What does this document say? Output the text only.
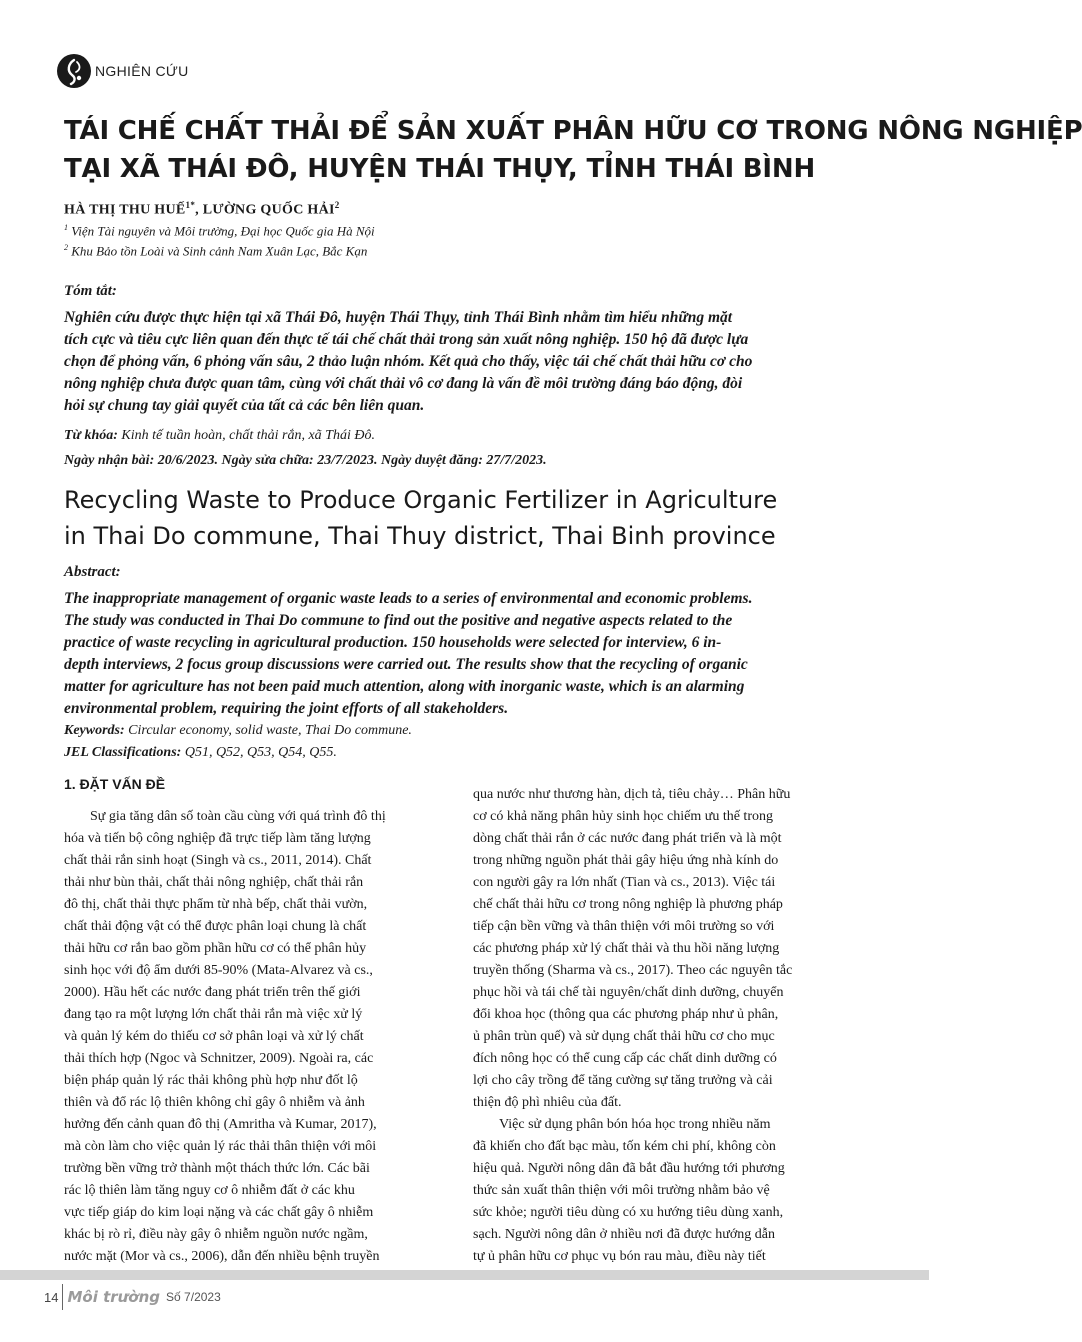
NGHIÊN CỨU
TÁI CHẾ CHẤT THẢI ĐỂ SẢN XUẤT PHÂN HỮU CƠ TRONG NÔNG NGHIỆP
TẠI XÃ THÁI ĐÔ, HUYỆN THÁI THỤY, TỈNH THÁI BÌNH
HÀ THỊ THU HUẾ$^{1*}$, LƯỜNG QUỐC HẢI$^2$
$^1$ Viện Tài nguyên và Môi trường, Đại học Quốc gia Hà Nội
$^2$ Khu Bảo tồn Loài và Sinh cảnh Nam Xuân Lạc, Bắc Kạn
Tóm tắt:
Nghiên cứu được thực hiện tại xã Thái Đô, huyện Thái Thụy, tỉnh Thái Bình nhằm tìm hiểu những mặt
tích cực và tiêu cực liên quan đến thực tế tái chế chất thải trong sản xuất nông nghiệp. 150 hộ đã được lựa
chọn để phỏng vấn, 6 phỏng vấn sâu, 2 thảo luận nhóm. Kết quả cho thấy, việc tái chế chất thải hữu cơ cho
nông nghiệp chưa được quan tâm, cùng với chất thải vô cơ đang là vấn đề môi trường đáng báo động, đòi
hỏi sự chung tay giải quyết của tất cả các bên liên quan.
Từ khóa: Kinh tế tuần hoàn, chất thải rắn, xã Thái Đô.
Ngày nhận bài: 20/6/2023. Ngày sửa chữa: 23/7/2023. Ngày duyệt đăng: 27/7/2023.
Recycling Waste to Produce Organic Fertilizer in Agriculture
in Thai Do commune, Thai Thuy district, Thai Binh province
Abstract:
The inappropriate management of organic waste leads to a series of environmental and economic problems.
The study was conducted in Thai Do commune to find out the positive and negative aspects related to the
practice of waste recycling in agricultural production. 150 households were selected for interview, 6 in-
depth interviews, 2 focus group discussions were carried out. The results show that the recycling of organic
matter for agriculture has not been paid much attention, along with inorganic waste, which is an alarming
environmental problem, requiring the joint efforts of all stakeholders.
Keywords: Circular economy, solid waste, Thai Do commune.
JEL Classifications: Q51, Q52, Q53, Q54, Q55.
1. ĐẶT VẤN ĐỀ
Sự gia tăng dân số toàn cầu cùng với quá trình đô thị
hóa và tiến bộ công nghiệp đã trực tiếp làm tăng lượng
chất thải rắn sinh hoạt (Singh và cs., 2011, 2014). Chất
thải như bùn thải, chất thải nông nghiệp, chất thải rắn
đô thị, chất thải thực phẩm từ nhà bếp, chất thải vườn,
chất thải động vật có thể được phân loại chung là chất
thải hữu cơ rắn bao gồm phần hữu cơ có thể phân hủy
sinh học với độ ẩm dưới 85-90% (Mata-Alvarez và cs.,
2000). Hầu hết các nước đang phát triển trên thế giới
đang tạo ra một lượng lớn chất thải rắn mà việc xử lý
và quản lý kém do thiếu cơ sở phân loại và xử lý chất
thải thích hợp (Ngoc và Schnitzer, 2009). Ngoài ra, các
biện pháp quản lý rác thải không phù hợp như đốt lộ
thiên và đổ rác lộ thiên không chỉ gây ô nhiễm và ảnh
hưởng đến cảnh quan đô thị (Amritha và Kumar, 2017),
mà còn làm cho việc quản lý rác thải thân thiện với môi
trường bền vững trở thành một thách thức lớn. Các bãi
rác lộ thiên làm tăng nguy cơ ô nhiễm đất ở các khu
vực tiếp giáp do kim loại nặng và các chất gây ô nhiễm
khác bị rò rỉ, điều này gây ô nhiễm nguồn nước ngầm,
nước mặt (Mor và cs., 2006), dẫn đến nhiều bệnh truyền
qua nước như thương hàn, dịch tả, tiêu chảy… Phân hữu
cơ có khả năng phân hủy sinh học chiếm ưu thế trong
dòng chất thải rắn ở các nước đang phát triển và là một
trong những nguồn phát thải gây hiệu ứng nhà kính do
con người gây ra lớn nhất (Tian và cs., 2013). Việc tái
chế chất thải hữu cơ trong nông nghiệp là phương pháp
tiếp cận bền vững và thân thiện với môi trường so với
các phương pháp xử lý chất thải và thu hồi năng lượng
truyền thống (Sharma và cs., 2017). Theo các nguyên tắc
phục hồi và tái chế tài nguyên/chất dinh dưỡng, chuyển
đổi khoa học (thông qua các phương pháp như ủ phân,
ủ phân trùn quế) và sử dụng chất thải hữu cơ cho mục
đích nông học có thể cung cấp các chất dinh dưỡng có
lợi cho cây trồng để tăng cường sự tăng trưởng và cải
thiện độ phì nhiêu của đất.
Việc sử dụng phân bón hóa học trong nhiều năm
đã khiến cho đất bạc màu, tốn kém chi phí, không còn
hiệu quả. Người nông dân đã bắt đầu hướng tới phương
thức sản xuất thân thiện với môi trường nhằm bảo vệ
sức khỏe; người tiêu dùng có xu hướng tiêu dùng xanh,
sạch. Người nông dân ở nhiều nơi đã được hướng dẫn
tự ủ phân hữu cơ phục vụ bón rau màu, điều này tiết
14 Môi trường Số 7/2023
